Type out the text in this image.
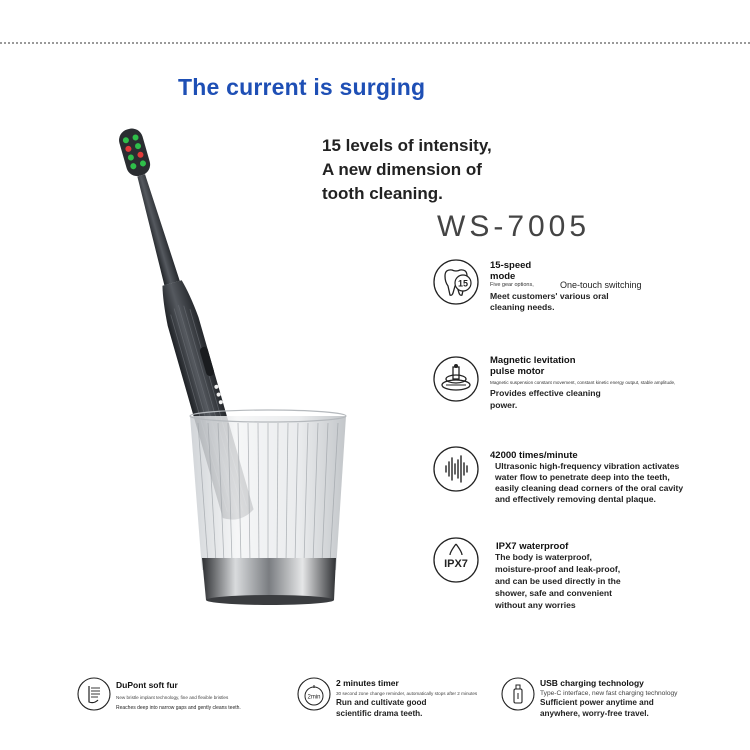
The current is surging
15 levels of intensity,
A new dimension of
tooth cleaning.
WS-7005
15
15-speed
mode
Five gear options,	One-touch switching
Meet customers' various oral
cleaning needs.
Magnetic levitation
pulse motor
Magnetic suspension constant movement, constant kinetic energy output, stable amplitude,
Provides effective cleaning
power.
42000 times/minute
Ultrasonic high-frequency vibration activates
water flow to penetrate deep into the teeth,
easily cleaning dead corners of the oral cavity
and effectively removing dental plaque.
IPX7
IPX7 waterproof
The body is waterproof,
moisture-proof and leak-proof,
and can be used directly in the
shower, safe and convenient
without any worries
DuPont soft fur
New bristle implant technology, fine and flexible bristles
Reaches deep into narrow gaps and gently cleans teeth.
2min
2 minutes timer
30 second zone change reminder, automatically stops after 2 minutes
Run and cultivate good
scientific drama teeth.
USB charging technology
Type-C interface, new fast charging technology
Sufficient power anytime and
anywhere, worry-free travel.
